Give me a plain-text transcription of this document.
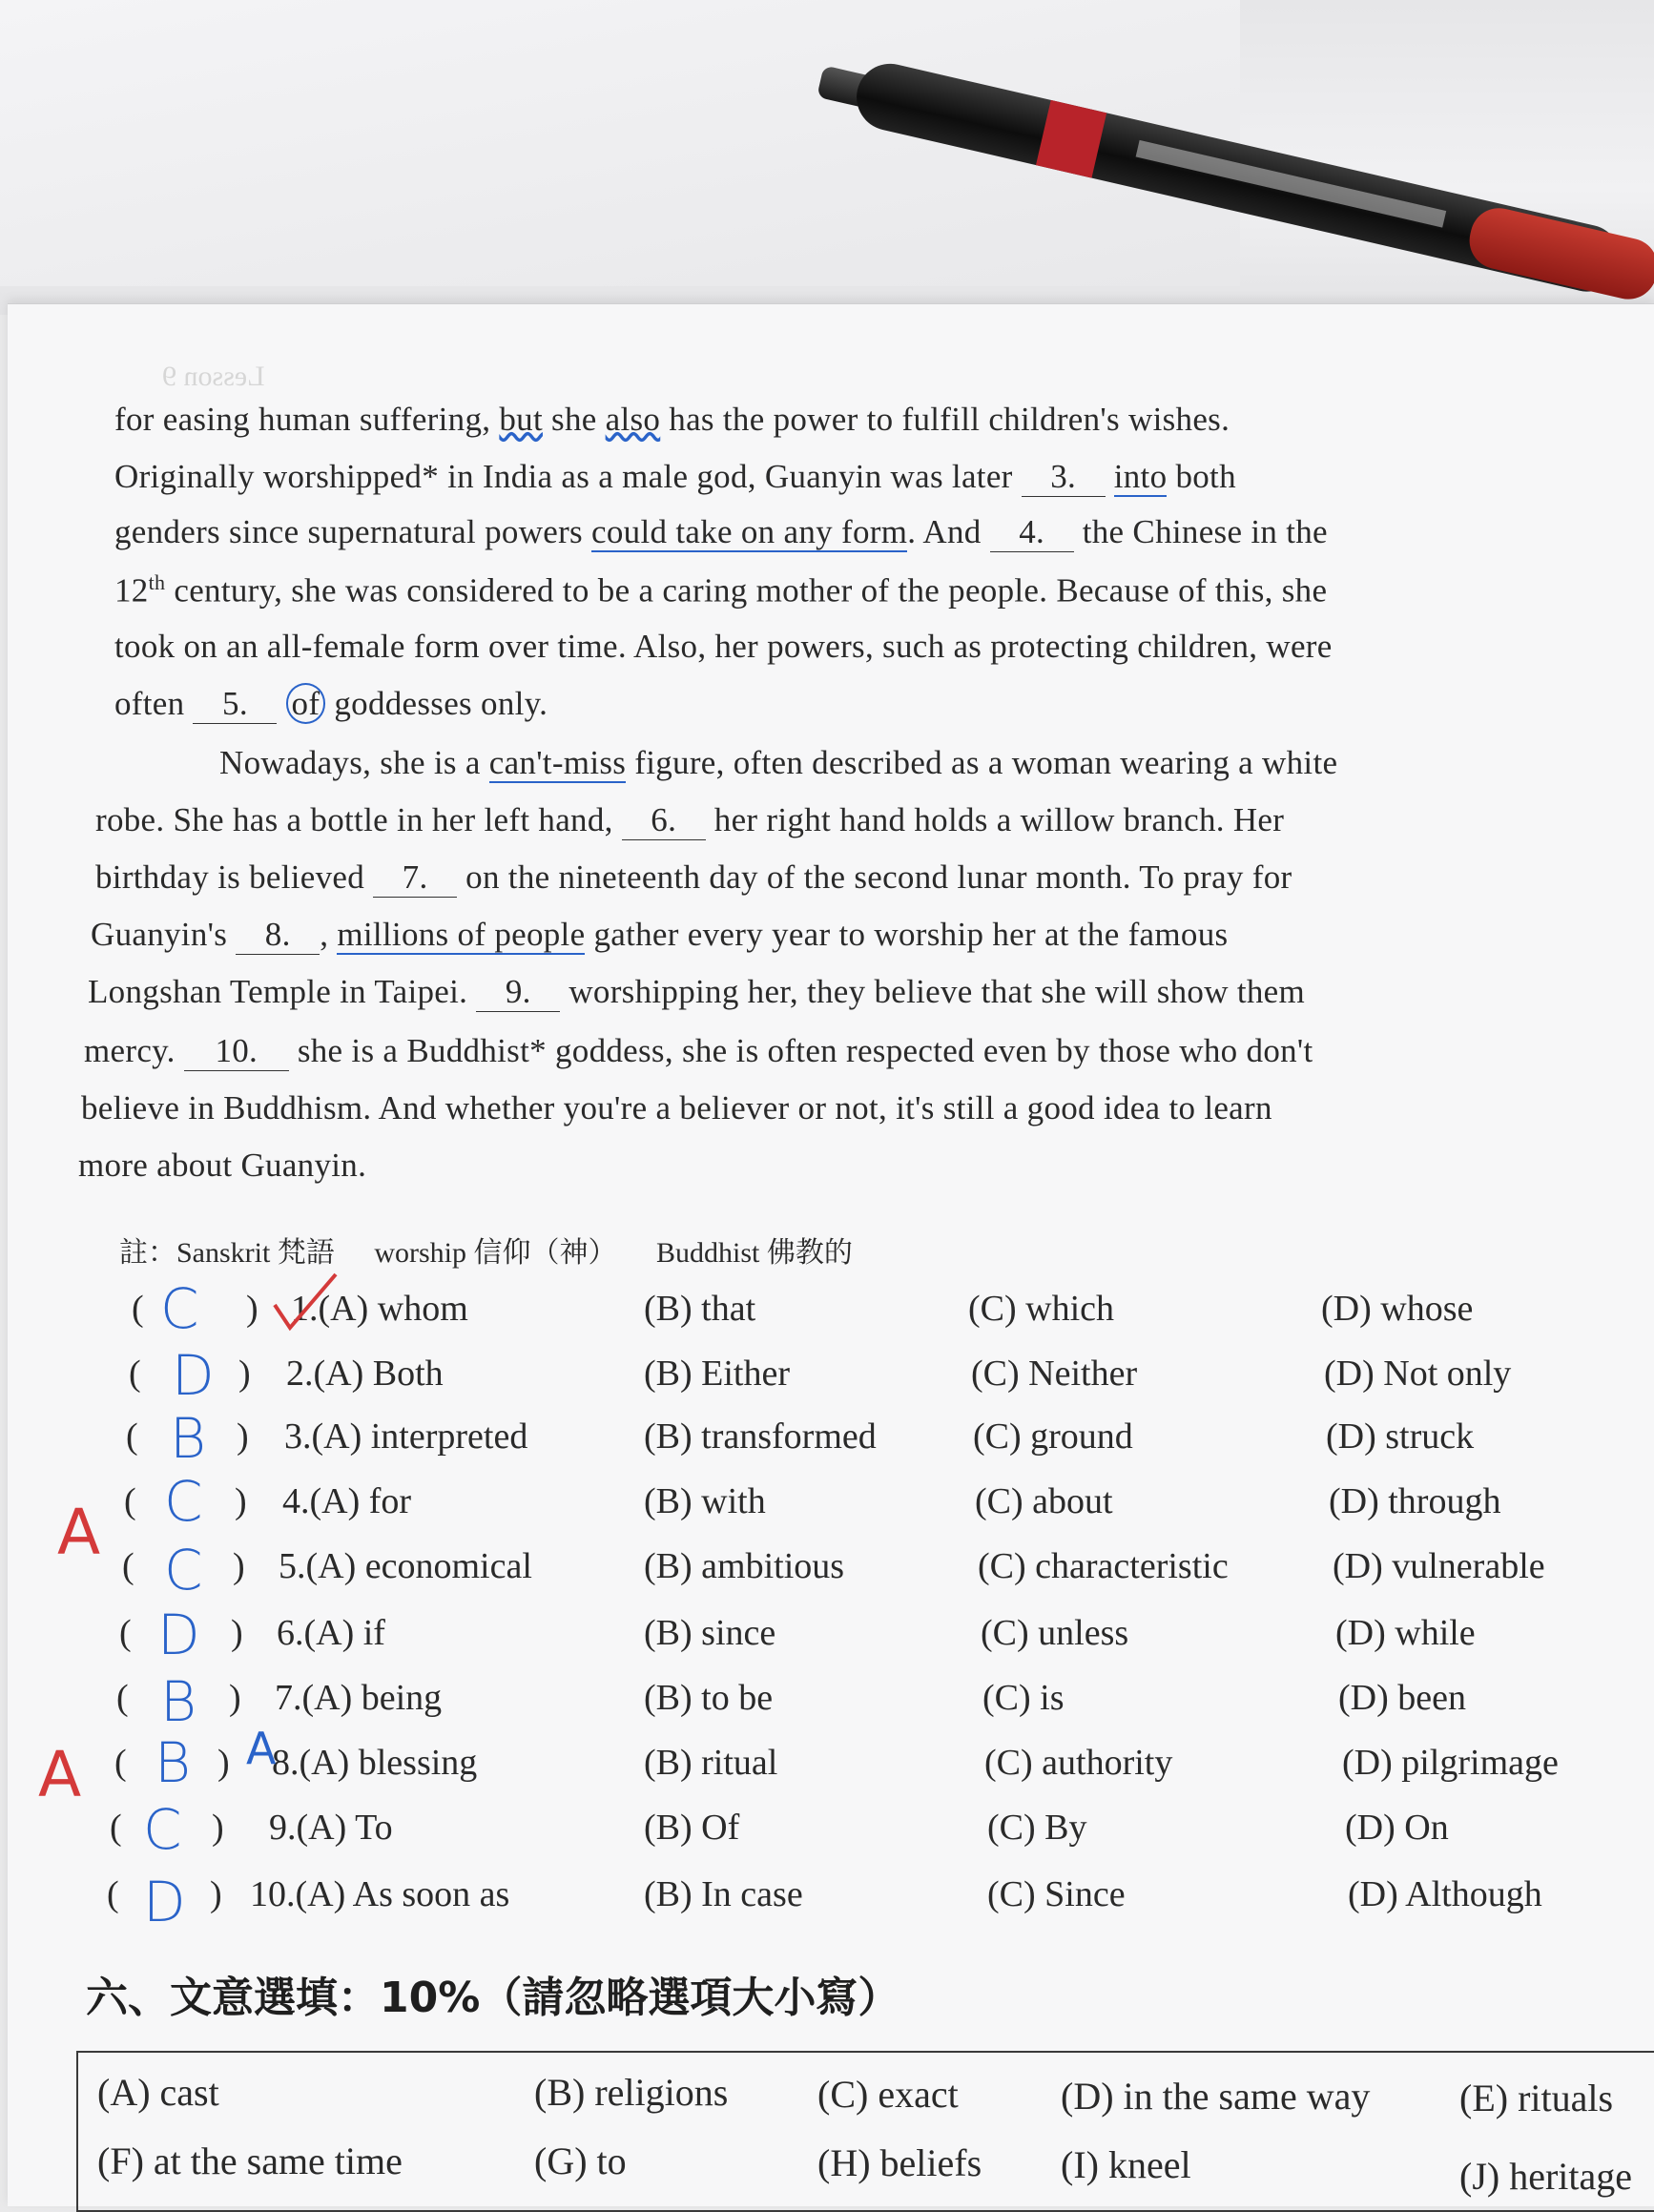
Lesson 9
for easing human suffering, but she also has the power to fulfill children's wishes.
Originally worshipped* in India as a male god, Guanyin was later 3. into both
genders since supernatural powers could take on any form. And 4. the Chinese in the
12th century, she was considered to be a caring mother of the people. Because of this, she
took on an all-female form over time. Also, her powers, such as protecting children, were
often 5. of goddesses only.
Nowadays, she is a can't-miss figure, often described as a woman wearing a white
robe. She has a bottle in her left hand, 6. her right hand holds a willow branch. Her
birthday is believed 7. on the nineteenth day of the second lunar month. To pray for
Guanyin's 8. , millions of people gather every year to worship her at the famous
Longshan Temple in Taipei. 9. worshipping her, they believe that she will show them
mercy. 10. she is a Buddhist* goddess, she is often respected even by those who don't
believe in Buddhism. And whether you're a believer or not, it's still a good idea to learn
more about Guanyin.
註：Sanskrit 梵語 worship 信仰（神） Buddhist 佛教的
( C ) 1.(A) whom	(B) that	(C) which	(D) whose
( D ) 2.(A) Both	(B) Either	(C) Neither	(D) Not only
( B ) 3.(A) interpreted	(B) transformed	(C) ground	(D) struck
( C ) 4.(A) for	(B) with	(C) about	(D) through
( C ) 5.(A) economical	(B) ambitious	(C) characteristic	(D) vulnerable
( D ) 6.(A) if	(B) since	(C) unless	(D) while
( B ) 7.(A) being	(B) to be	(C) is	(D) been
( B ) 8.(A) blessing	(B) ritual	(C) authority	(D) pilgrimage
( C ) 9.(A) To	(B) Of	(C) By	(D) On
( D ) 10.(A) As soon as	(B) In case	(C) Since	(D) Although
A
A	A
六、文意選填：10%（請忽略選項大小寫）
(A) cast	(B) religions (C) exact	(D) in the same way (E) rituals
(F) at the same time	(G) to	(H) beliefs (I) kneel	(J) heritage
